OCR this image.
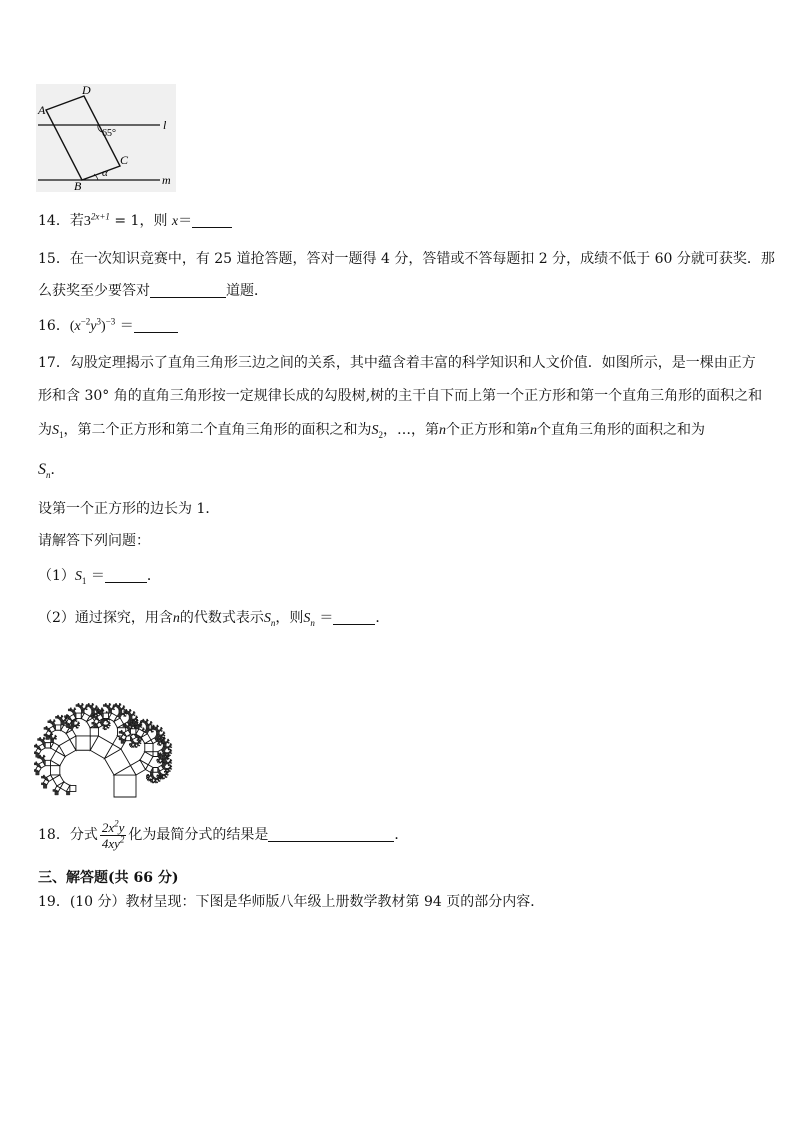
A
D
C
B
l
m
65°
α
14．若$3^{2x+1} = 1$，则 x＝
15．在一次知识竞赛中，有 25 道抢答题，答对一题得 4 分，答错或不答每题扣 2 分，成绩不低于 60 分就可获奖．那
么获奖至少要答对	道题．
16．$(x^{-2}y^3)^{-3}$ ＝
17．勾股定理揭示了直角三角形三边之间的关系，其中蕴含着丰富的科学知识和人文价值．如图所示，是一棵由正方
形和含 30° 角的直角三角形按一定规律长成的勾股树,树的主干自下而上第一个正方形和第一个直角三角形的面积之和
为$S_1$，第二个正方形和第二个直角三角形的面积之和为$S_2$，…，第n个正方形和第n个直角三角形的面积之和为
$S_n$．
设第一个正方形的边长为 1．
请解答下列问题：
$(1)S_1$ ＝	．
（2）通过探究，用含n的代数式表示$S_n$，则$S_n$ ＝	．
18．分式 $\frac{2x^2y}{4xy^2}$ 化为最简分式的结果是	．
三、解答题(共 66 分)
19．(10 分）教材呈现：下图是华师版八年级上册数学教材第 94 页的部分内容．
